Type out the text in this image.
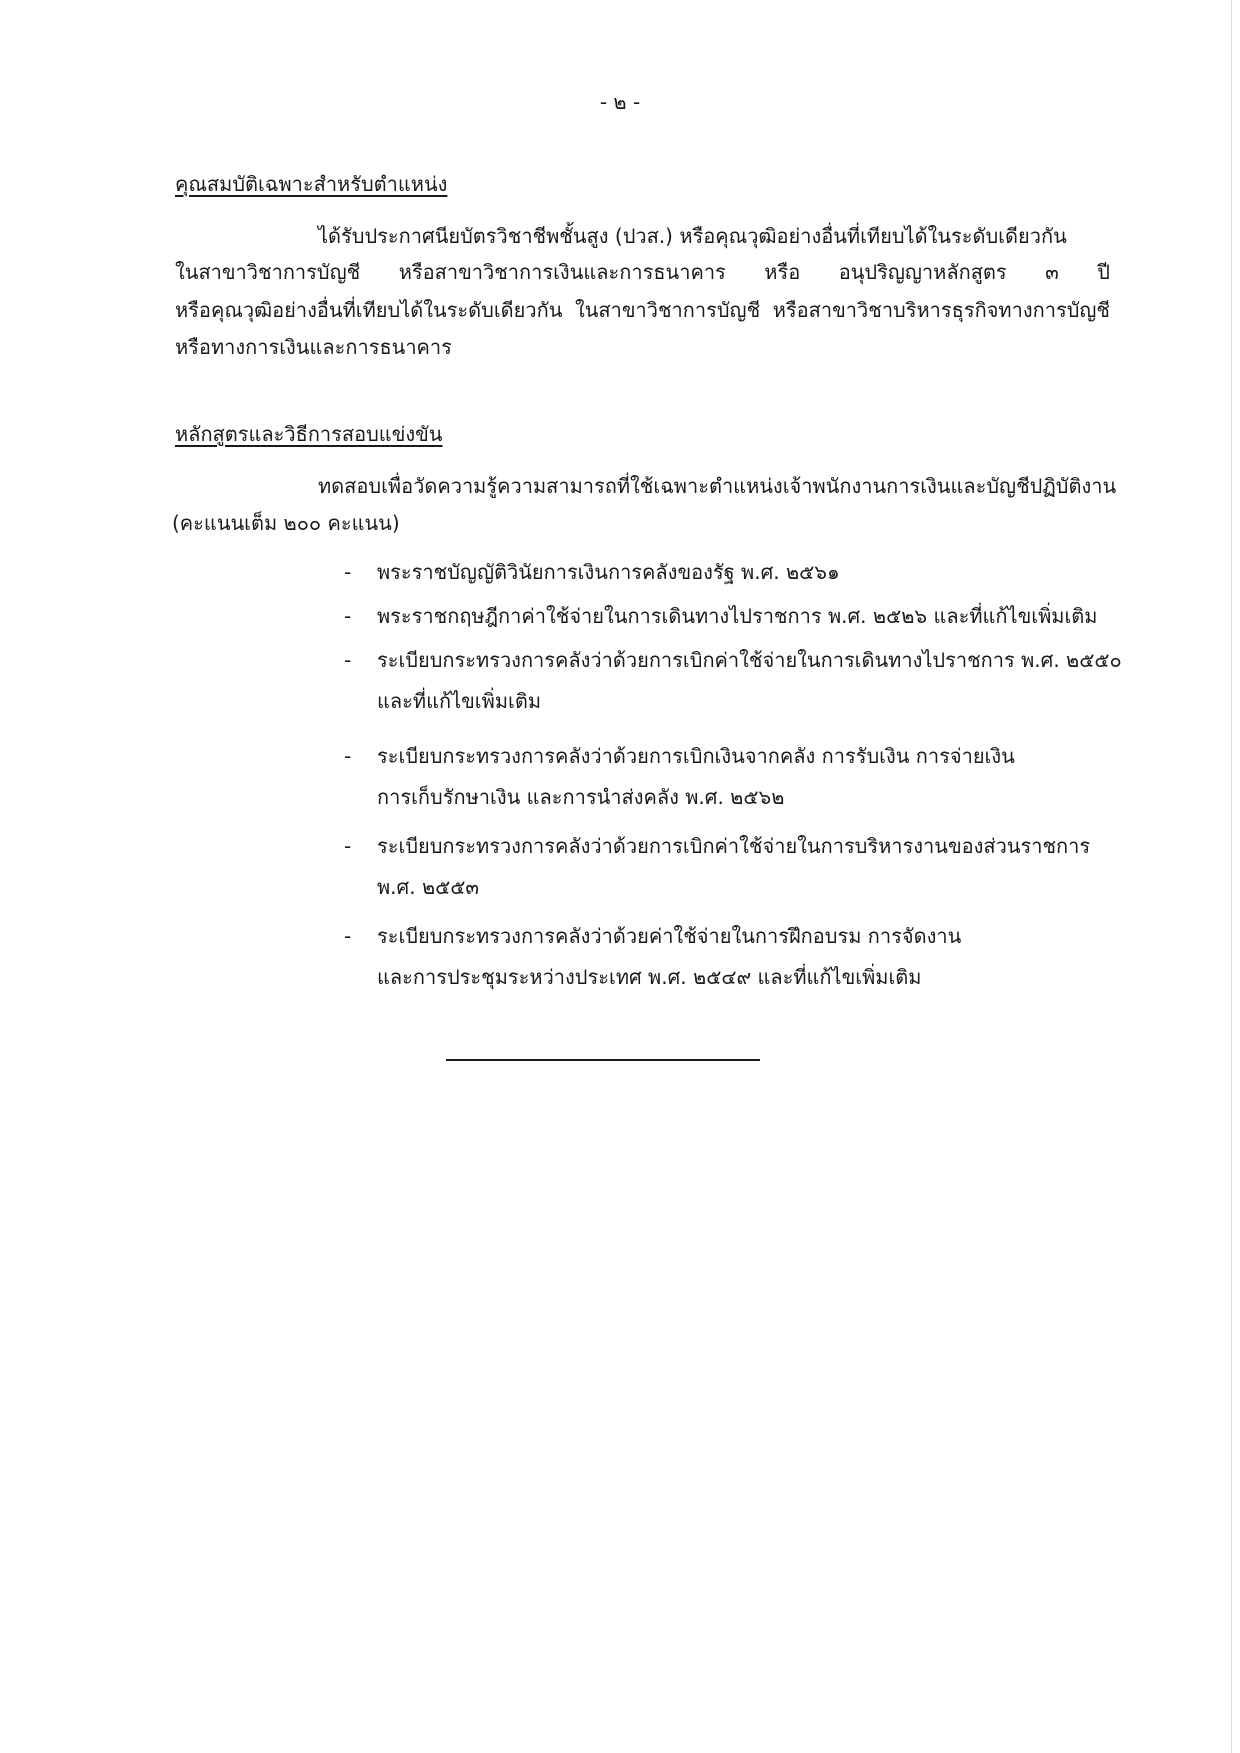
- ๒ -
คุณสมบัติเฉพาะสำหรับตำแหน่ง
ได้รับประกาศนียบัตรวิชาชีพชั้นสูง (ปวส.) หรือคุณวุฒิอย่างอื่นที่เทียบได้ในระดับเดียวกัน
ในสาขาวิชาการบัญชี หรือสาขาวิชาการเงินและการธนาคาร หรือ อนุปริญญาหลักสูตร ๓ ปี
หรือคุณวุฒิอย่างอื่นที่เทียบได้ในระดับเดียวกัน ในสาขาวิชาการบัญชี หรือสาขาวิชาบริหารธุรกิจทางการบัญชี
หรือทางการเงินและการธนาคาร
หลักสูตรและวิธีการสอบแข่งขัน
ทดสอบเพื่อวัดความรู้ความสามารถที่ใช้เฉพาะตำแหน่งเจ้าพนักงานการเงินและบัญชีปฏิบัติงาน
(คะแนนเต็ม ๒๐๐ คะแนน)
- พระราชบัญญัติวินัยการเงินการคลังของรัฐ พ.ศ. ๒๕๖๑
- พระราชกฤษฎีกาค่าใช้จ่ายในการเดินทางไปราชการ พ.ศ. ๒๕๒๖ และที่แก้ไขเพิ่มเติม
- ระเบียบกระทรวงการคลังว่าด้วยการเบิกค่าใช้จ่ายในการเดินทางไปราชการ พ.ศ. ๒๕๕๐
และที่แก้ไขเพิ่มเติม
- ระเบียบกระทรวงการคลังว่าด้วยการเบิกเงินจากคลัง การรับเงิน การจ่ายเงิน
การเก็บรักษาเงิน และการนำส่งคลัง พ.ศ. ๒๕๖๒
- ระเบียบกระทรวงการคลังว่าด้วยการเบิกค่าใช้จ่ายในการบริหารงานของส่วนราชการ
พ.ศ. ๒๕๕๓
- ระเบียบกระทรวงการคลังว่าด้วยค่าใช้จ่ายในการฝึกอบรม การจัดงาน
และการประชุมระหว่างประเทศ พ.ศ. ๒๕๔๙ และที่แก้ไขเพิ่มเติม
